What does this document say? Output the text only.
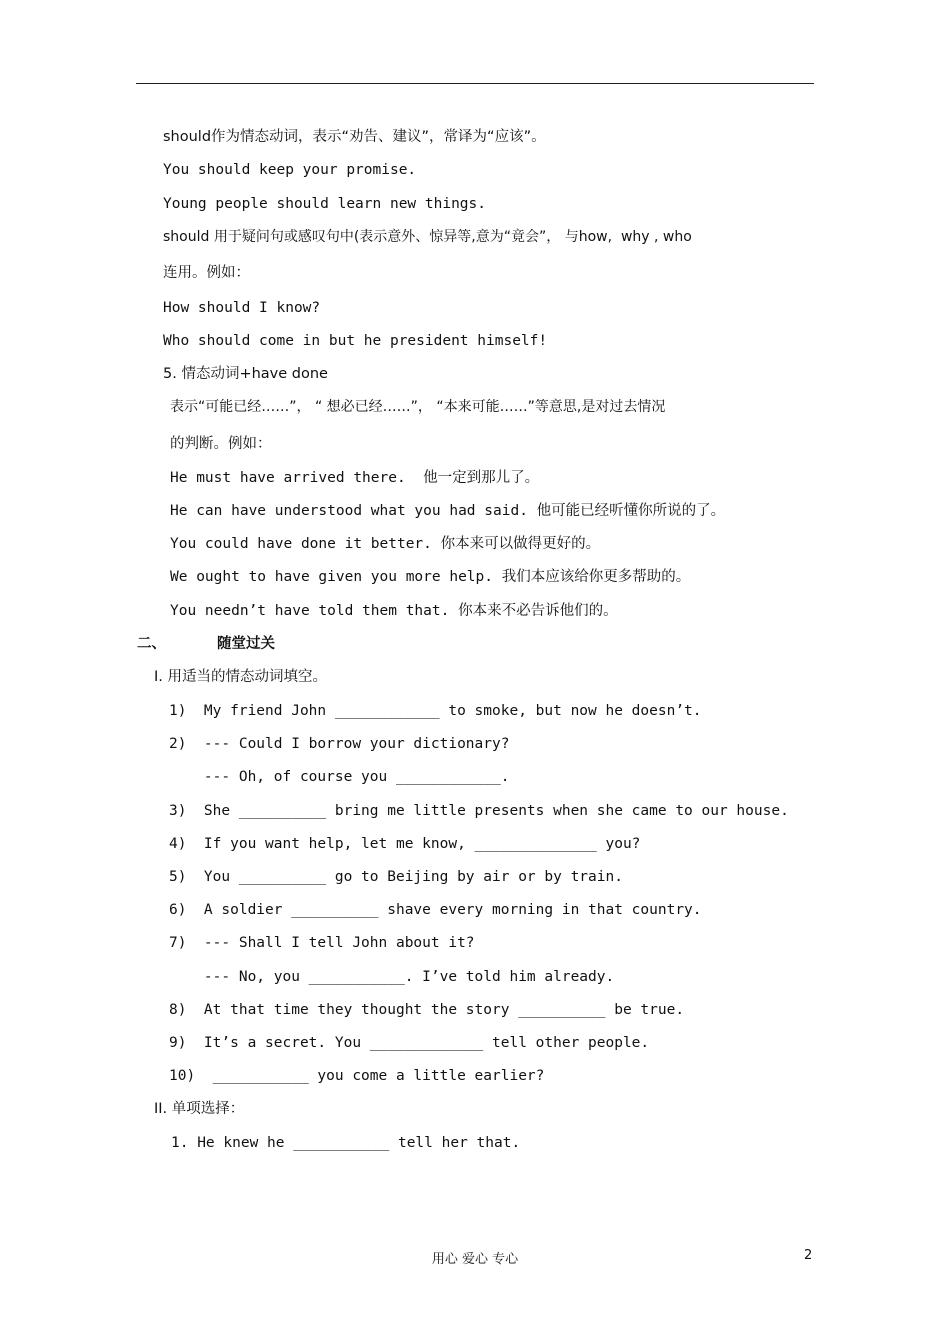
should作为情态动词，表示“劝告、建议”，常译为“应该”。
You should keep your promise.
Young people should learn new things.
should 用于疑问句或感叹句中(表示意外、惊异等,意为“竟会”， 与how,  why , who
连用。例如：
How should I know?
Who should come in but he president himself!
5. 情态动词+have done
表示“可能已经……”， “ 想必已经……”， “本来可能……”等意思,是对过去情况
的判断。例如：
He must have arrived there.  他一定到那儿了。
He can have understood what you had said. 他可能已经听懂你所说的了。
You could have done it better. 你本来可以做得更好的。
We ought to have given you more help. 我们本应该给你更多帮助的。
You needn’t have told them that. 你本来不必告诉他们的。
二、	随堂过关
I. 用适当的情态动词填空。
1)  My friend John ____________ to smoke, but now he doesn’t.
2)  --- Could I borrow your dictionary?
--- Oh, of course you ____________.
3)  She __________ bring me little presents when she came to our house.
4)  If you want help, let me know, ______________ you?
5)  You __________ go to Beijing by air or by train.
6)  A soldier __________ shave every morning in that country.
7)  --- Shall I tell John about it?
--- No, you ___________. I’ve told him already.
8)  At that time they thought the story __________ be true.
9)  It’s a secret. You _____________ tell other people.
10)  ___________ you come a little earlier?
II. 单项选择：
1. He knew he ___________ tell her that.
用心 爱心 专心	2
